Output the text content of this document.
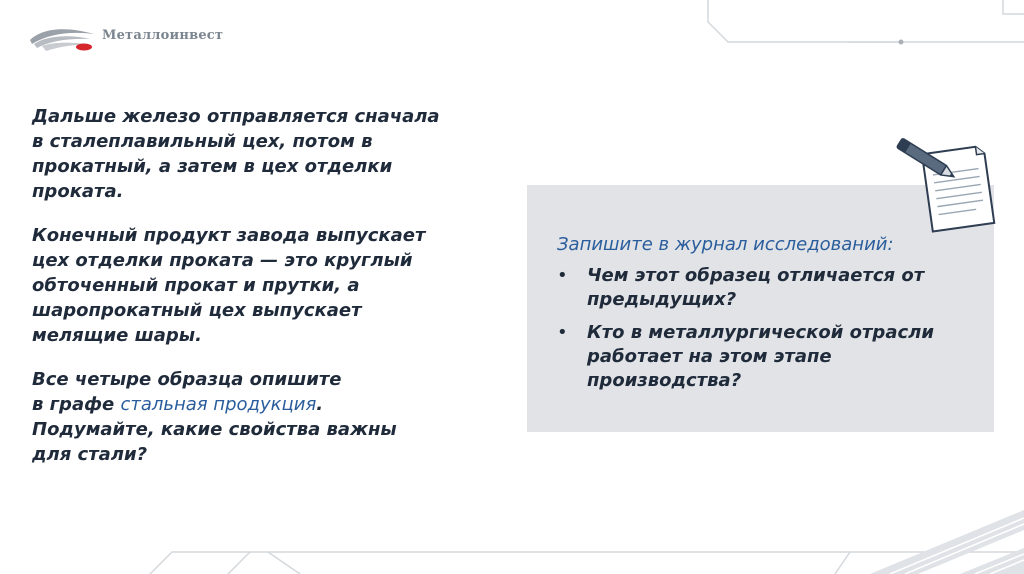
Металлоинвест

Дальше железо отправляется сначала
в сталеплавильный цех, потом в
прокатный, а затем в цех отделки
проката.

Конечный продукт завода выпускает
цех отделки проката — это круглый
обточенный прокат и прутки, а
шаропрокатный цех выпускает
мелящие шары.

Все четыре образца опишите
в графе стальная продукция.
Подумайте, какие свойства важны
для стали?

Запишите в журнал исследований:
• Чем этот образец отличается от
предыдущих?
• Кто в металлургической отрасли
работает на этом этапе
производства?
